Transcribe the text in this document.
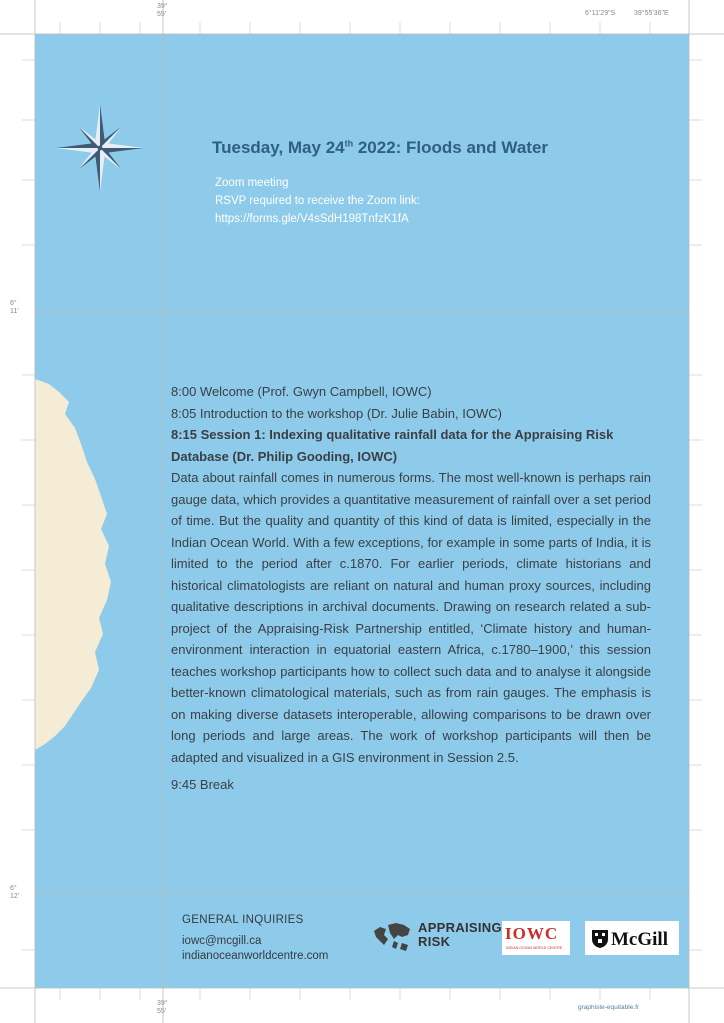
39°
55'	6°11'29"S	39°55'36"E
6°
11'
6°
12'
39°
55'
Tuesday, May 24th 2022: Floods and Water
Zoom meeting
RSVP required to receive the Zoom link:
https://forms.gle/V4sSdH198TnfzK1fA
8:00 Welcome (Prof. Gwyn Campbell, IOWC)
8:05 Introduction to the workshop (Dr. Julie Babin, IOWC)
8:15 Session 1: Indexing qualitative rainfall data for the Appraising Risk Database (Dr. Philip Gooding, IOWC)
Data about rainfall comes in numerous forms. The most well-known is perhaps rain gauge data, which provides a quantitative measurement of rainfall over a set period of time. But the quality and quantity of this kind of data is limited, especially in the Indian Ocean World. With a few exceptions, for example in some parts of India, it is limited to the period after c.1870. For earlier periods, climate historians and historical climatologists are reliant on natural and human proxy sources, including qualitative descriptions in archival documents. Drawing on research related a sub-project of the Appraising-Risk Partnership entitled, ‘Climate history and human-environment interaction in equatorial eastern Africa, c.1780–1900,’ this session teaches workshop participants how to collect such data and to analyse it alongside better-known climatological materials, such as from rain gauges. The emphasis is on making diverse datasets interoperable, allowing comparisons to be drawn over long periods and large areas. The work of workshop participants will then be adapted and visualized in a GIS environment in Session 2.5.
9:45 Break
GENERAL INQUIRIES
iowc@mcgill.ca
indianoceanworldcentre.com
APPRAISING
RISK	IOWC
INDIAN OCEAN WORLD CENTRE	McGill
graphiste-equitable.fr
